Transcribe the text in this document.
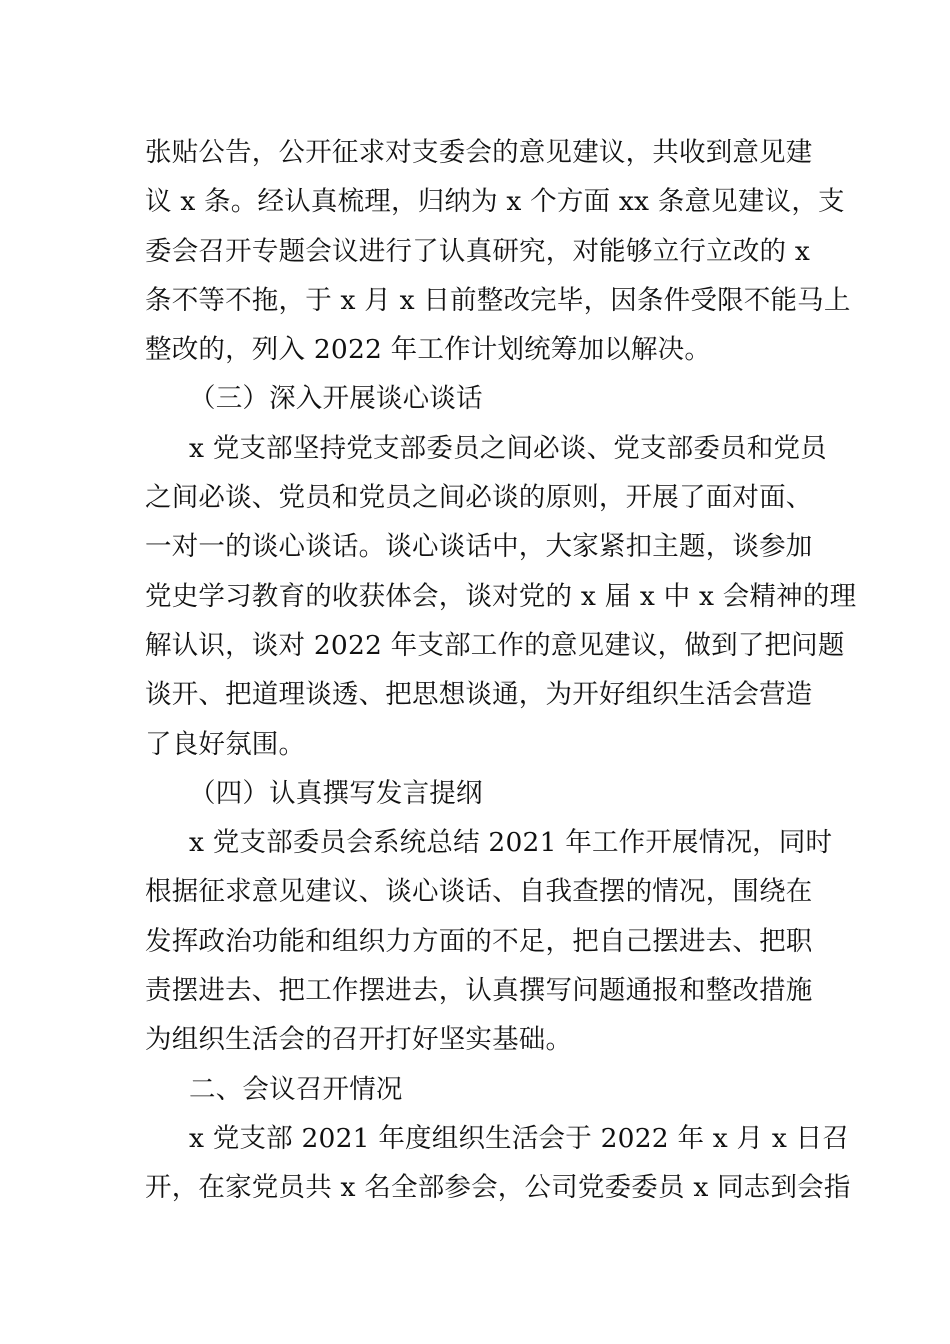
张贴公告，公开征求对支委会的意见建议，共收到意见建
议 x 条。经认真梳理，归纳为 x 个方面 xx 条意见建议，支
委会召开专题会议进行了认真研究，对能够立行立改的 x
条不等不拖，于 x 月 x 日前整改完毕，因条件受限不能马上
整改的，列入 2022 年工作计划统筹加以解决。
（三）深入开展谈心谈话
x 党支部坚持党支部委员之间必谈、党支部委员和党员
之间必谈、党员和党员之间必谈的原则，开展了面对面、
一对一的谈心谈话。谈心谈话中，大家紧扣主题，谈参加
党史学习教育的收获体会，谈对党的 x 届 x 中 x 会精神的理
解认识，谈对 2022 年支部工作的意见建议，做到了把问题
谈开、把道理谈透、把思想谈通，为开好组织生活会营造
了良好氛围。
（四）认真撰写发言提纲
x 党支部委员会系统总结 2021 年工作开展情况，同时
根据征求意见建议、谈心谈话、自我查摆的情况，围绕在
发挥政治功能和组织力方面的不足，把自己摆进去、把职
责摆进去、把工作摆进去，认真撰写问题通报和整改措施
为组织生活会的召开打好坚实基础。
二、会议召开情况
x 党支部 2021 年度组织生活会于 2022 年 x 月 x 日召
开，在家党员共 x 名全部参会，公司党委委员 x 同志到会指
